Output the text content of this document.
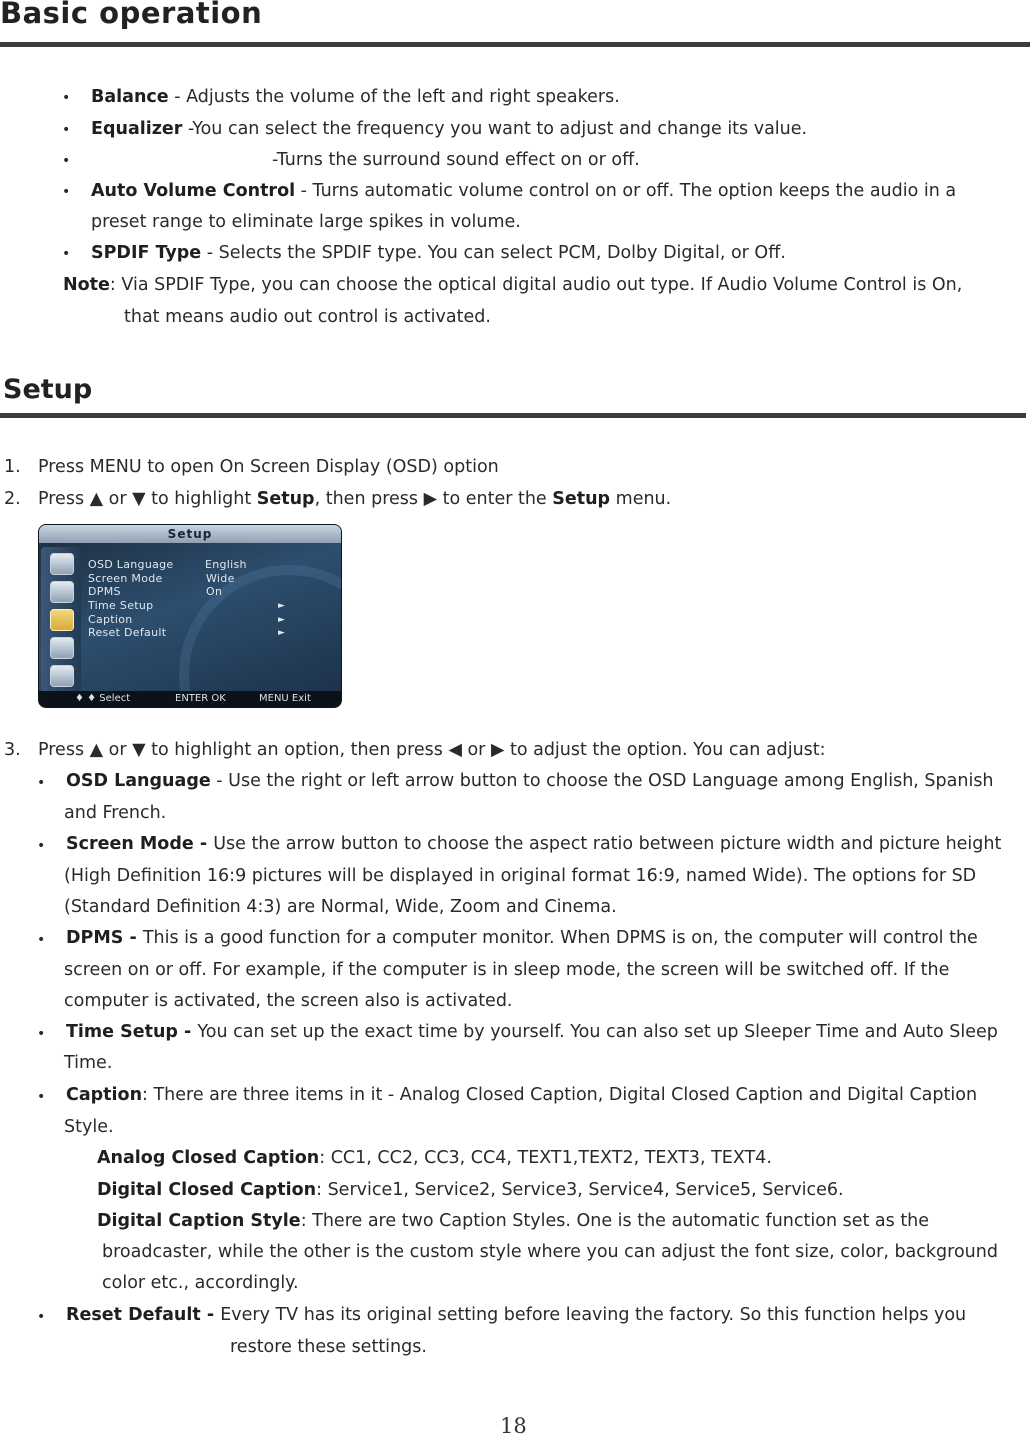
Basic operation
• Balance - Adjusts the volume of the left and right speakers.
• Equalizer -You can select the frequency you want to adjust and change its value.
•	-Turns the surround sound effect on or off.
• Auto Volume Control - Turns automatic volume control on or off. The option keeps the audio in a
preset range to eliminate large spikes in volume.
• SPDIF Type - Selects the SPDIF type. You can select PCM, Dolby Digital, or Off.
Note: Via SPDIF Type, you can choose the optical digital audio out type. If Audio Volume Control is On,
that means audio out control is activated.
Setup
1. Press MENU to open On Screen Display (OSD) option
2. Press ▲ or ▼ to highlight Setup, then press ▶ to enter the Setup menu.
Setup
OSD Language	English
Screen Mode	Wide
DPMS	On
Time Setup	►
Caption	►
Reset Default	►
♦ ♦ Select	ENTER OK	MENU Exit
3. Press ▲ or ▼ to highlight an option, then press ◀ or ▶ to adjust the option. You can adjust:
• OSD Language - Use the right or left arrow button to choose the OSD Language among English, Spanish
and French.
• Screen Mode - Use the arrow button to choose the aspect ratio between picture width and picture height
(High Definition 16:9 pictures will be displayed in original format 16:9, named Wide). The options for SD
(Standard Definition 4:3) are Normal, Wide, Zoom and Cinema.
• DPMS - This is a good function for a computer monitor. When DPMS is on, the computer will control the
screen on or off. For example, if the computer is in sleep mode, the screen will be switched off. If the
computer is activated, the screen also is activated.
• Time Setup - You can set up the exact time by yourself. You can also set up Sleeper Time and Auto Sleep
Time.
• Caption: There are three items in it - Analog Closed Caption, Digital Closed Caption and Digital Caption
Style.
Analog Closed Caption: CC1, CC2, CC3, CC4, TEXT1,TEXT2, TEXT3, TEXT4.
Digital Closed Caption: Service1, Service2, Service3, Service4, Service5, Service6.
Digital Caption Style: There are two Caption Styles. One is the automatic function set as the
broadcaster, while the other is the custom style where you can adjust the font size, color, background
color etc., accordingly.
• Reset Default - Every TV has its original setting before leaving the factory. So this function helps you
restore these settings.
18
